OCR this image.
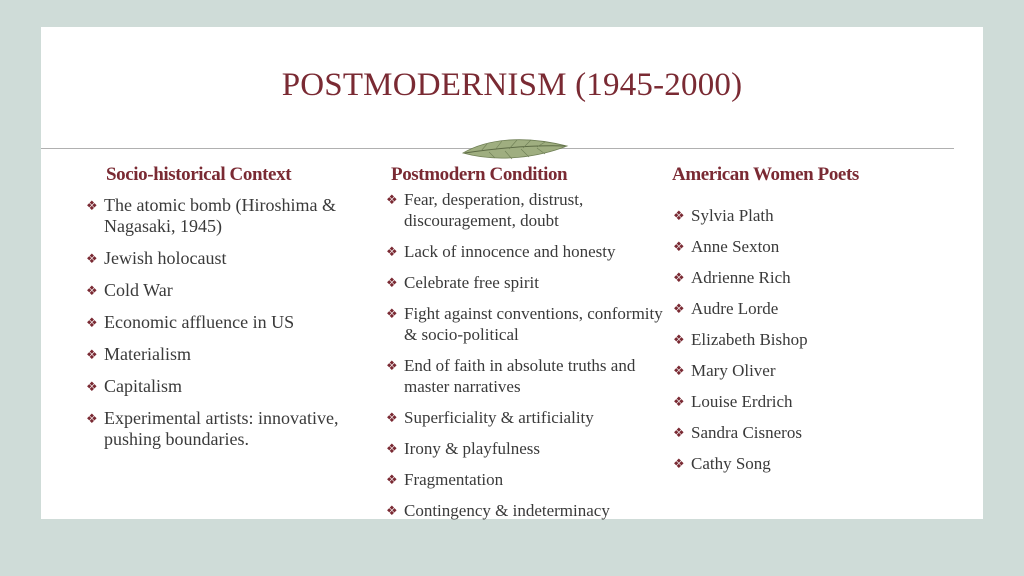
POSTMODERNISM (1945-2000)
Socio-historical Context
❖ The atomic bomb (Hiroshima & Nagasaki, 1945)
❖ Jewish holocaust
❖ Cold War
❖ Economic affluence in US
❖ Materialism
❖ Capitalism
❖ Experimental artists: innovative, pushing boundaries.
Postmodern Condition
❖ Fear, desperation, distrust, discouragement, doubt
❖ Lack of innocence and honesty
❖ Celebrate free spirit
❖ Fight against conventions, conformity & socio-political
❖ End of faith in absolute truths and master narratives
❖ Superficiality & artificiality
❖ Irony & playfulness
❖ Fragmentation
❖ Contingency & indeterminacy
American Women Poets
❖ Sylvia Plath
❖ Anne Sexton
❖ Adrienne Rich
❖ Audre Lorde
❖ Elizabeth Bishop
❖ Mary Oliver
❖ Louise Erdrich
❖ Sandra Cisneros
❖ Cathy Song
